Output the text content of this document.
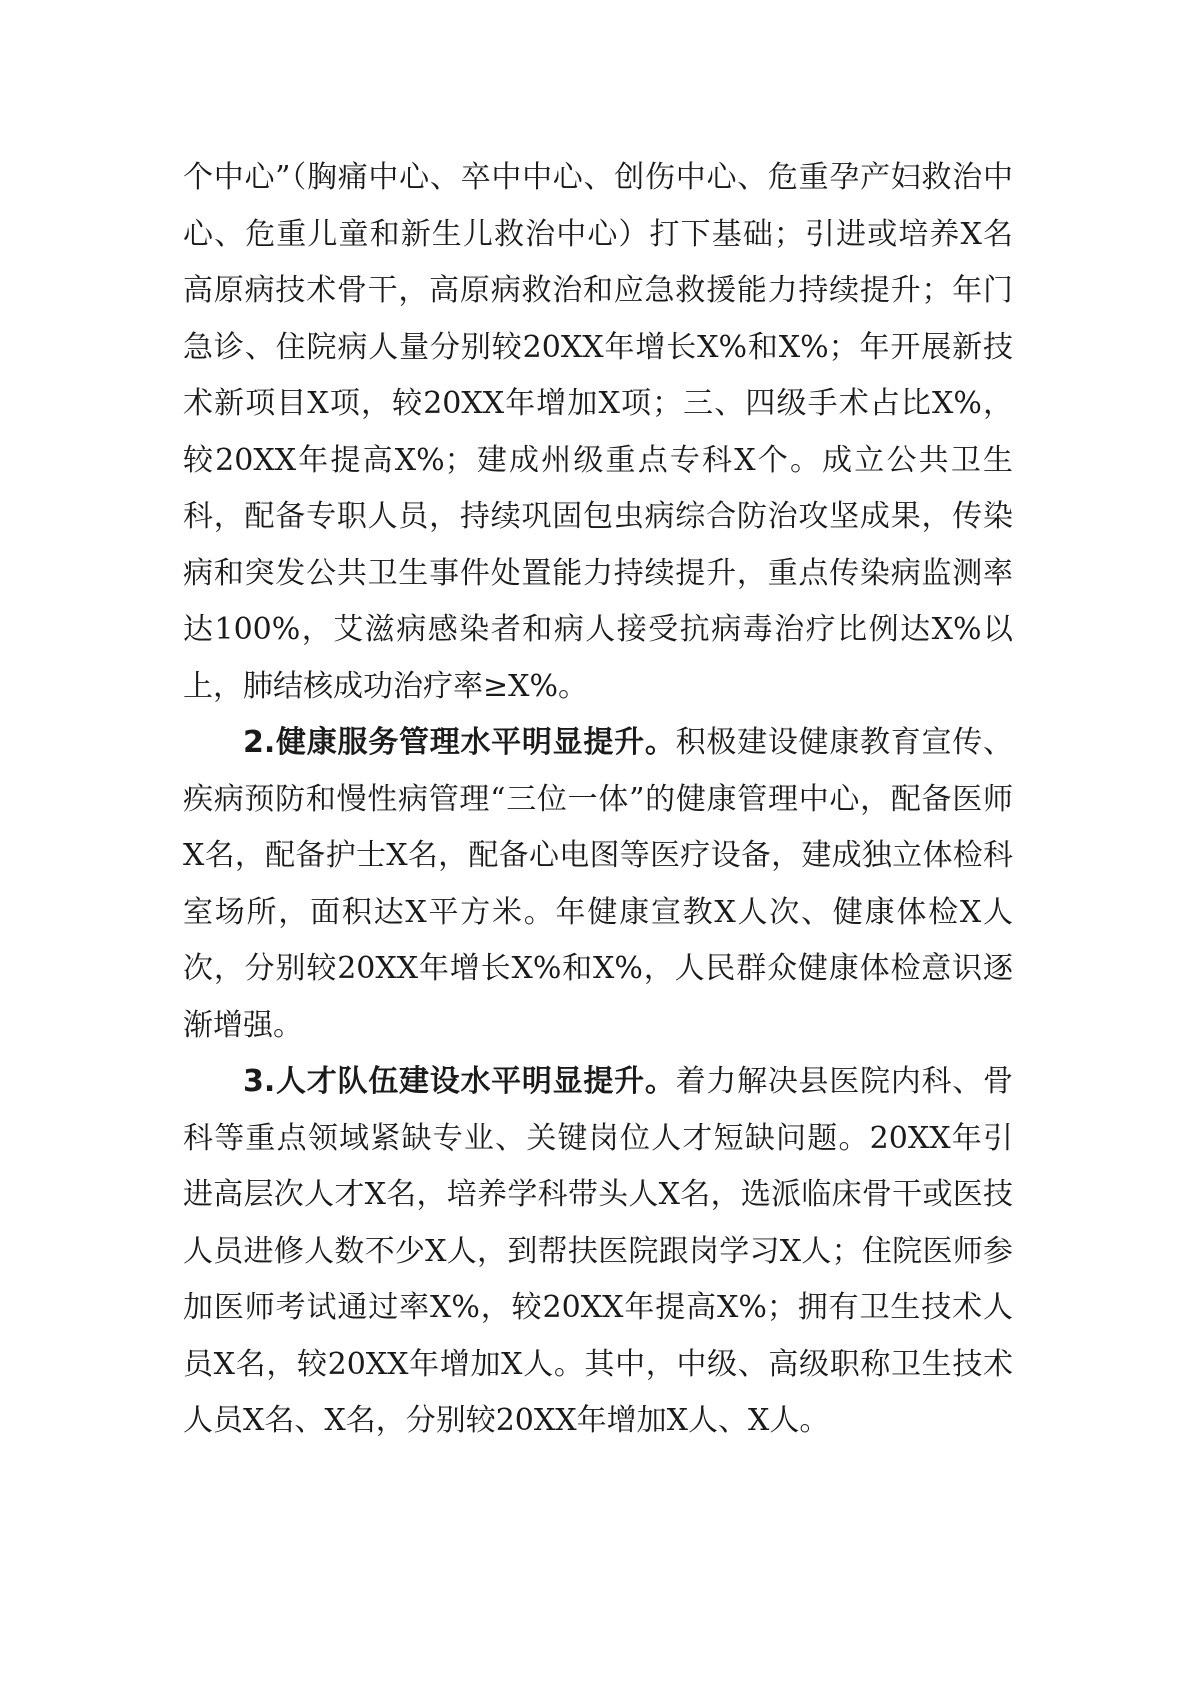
个中心”（胸痛中心、卒中中心、创伤中心、危重孕产妇救治中心、危重儿童和新生儿救治中心）打下基础；引进或培养X名高原病技术骨干，高原病救治和应急救援能力持续提升；年门急诊、住院病人量分别较20XX年增长X%和X%；年开展新技术新项目X项，较20XX年增加X项；三、四级手术占比X%，较20XX年提高X%；建成州级重点专科X个。成立公共卫生科，配备专职人员，持续巩固包虫病综合防治攻坚成果，传染病和突发公共卫生事件处置能力持续提升，重点传染病监测率达100%，艾滋病感染者和病人接受抗病毒治疗比例达X%以上，肺结核成功治疗率≥X%。

2.健康服务管理水平明显提升。积极建设健康教育宣传、疾病预防和慢性病管理“三位一体”的健康管理中心，配备医师X名，配备护士X名，配备心电图等医疗设备，建成独立体检科室场所，面积达X平方米。年健康宣教X人次、健康体检X人次，分别较20XX年增长X%和X%，人民群众健康体检意识逐渐增强。

3.人才队伍建设水平明显提升。着力解决县医院内科、骨科等重点领域紧缺专业、关键岗位人才短缺问题。20XX年引进高层次人才X名，培养学科带头人X名，选派临床骨干或医技人员进修人数不少X人，到帮扶医院跟岗学习X人；住院医师参加医师考试通过率X%，较20XX年提高X%；拥有卫生技术人员X名，较20XX年增加X人。其中，中级、高级职称卫生技术人员X名、X名，分别较20XX年增加X人、X人。
